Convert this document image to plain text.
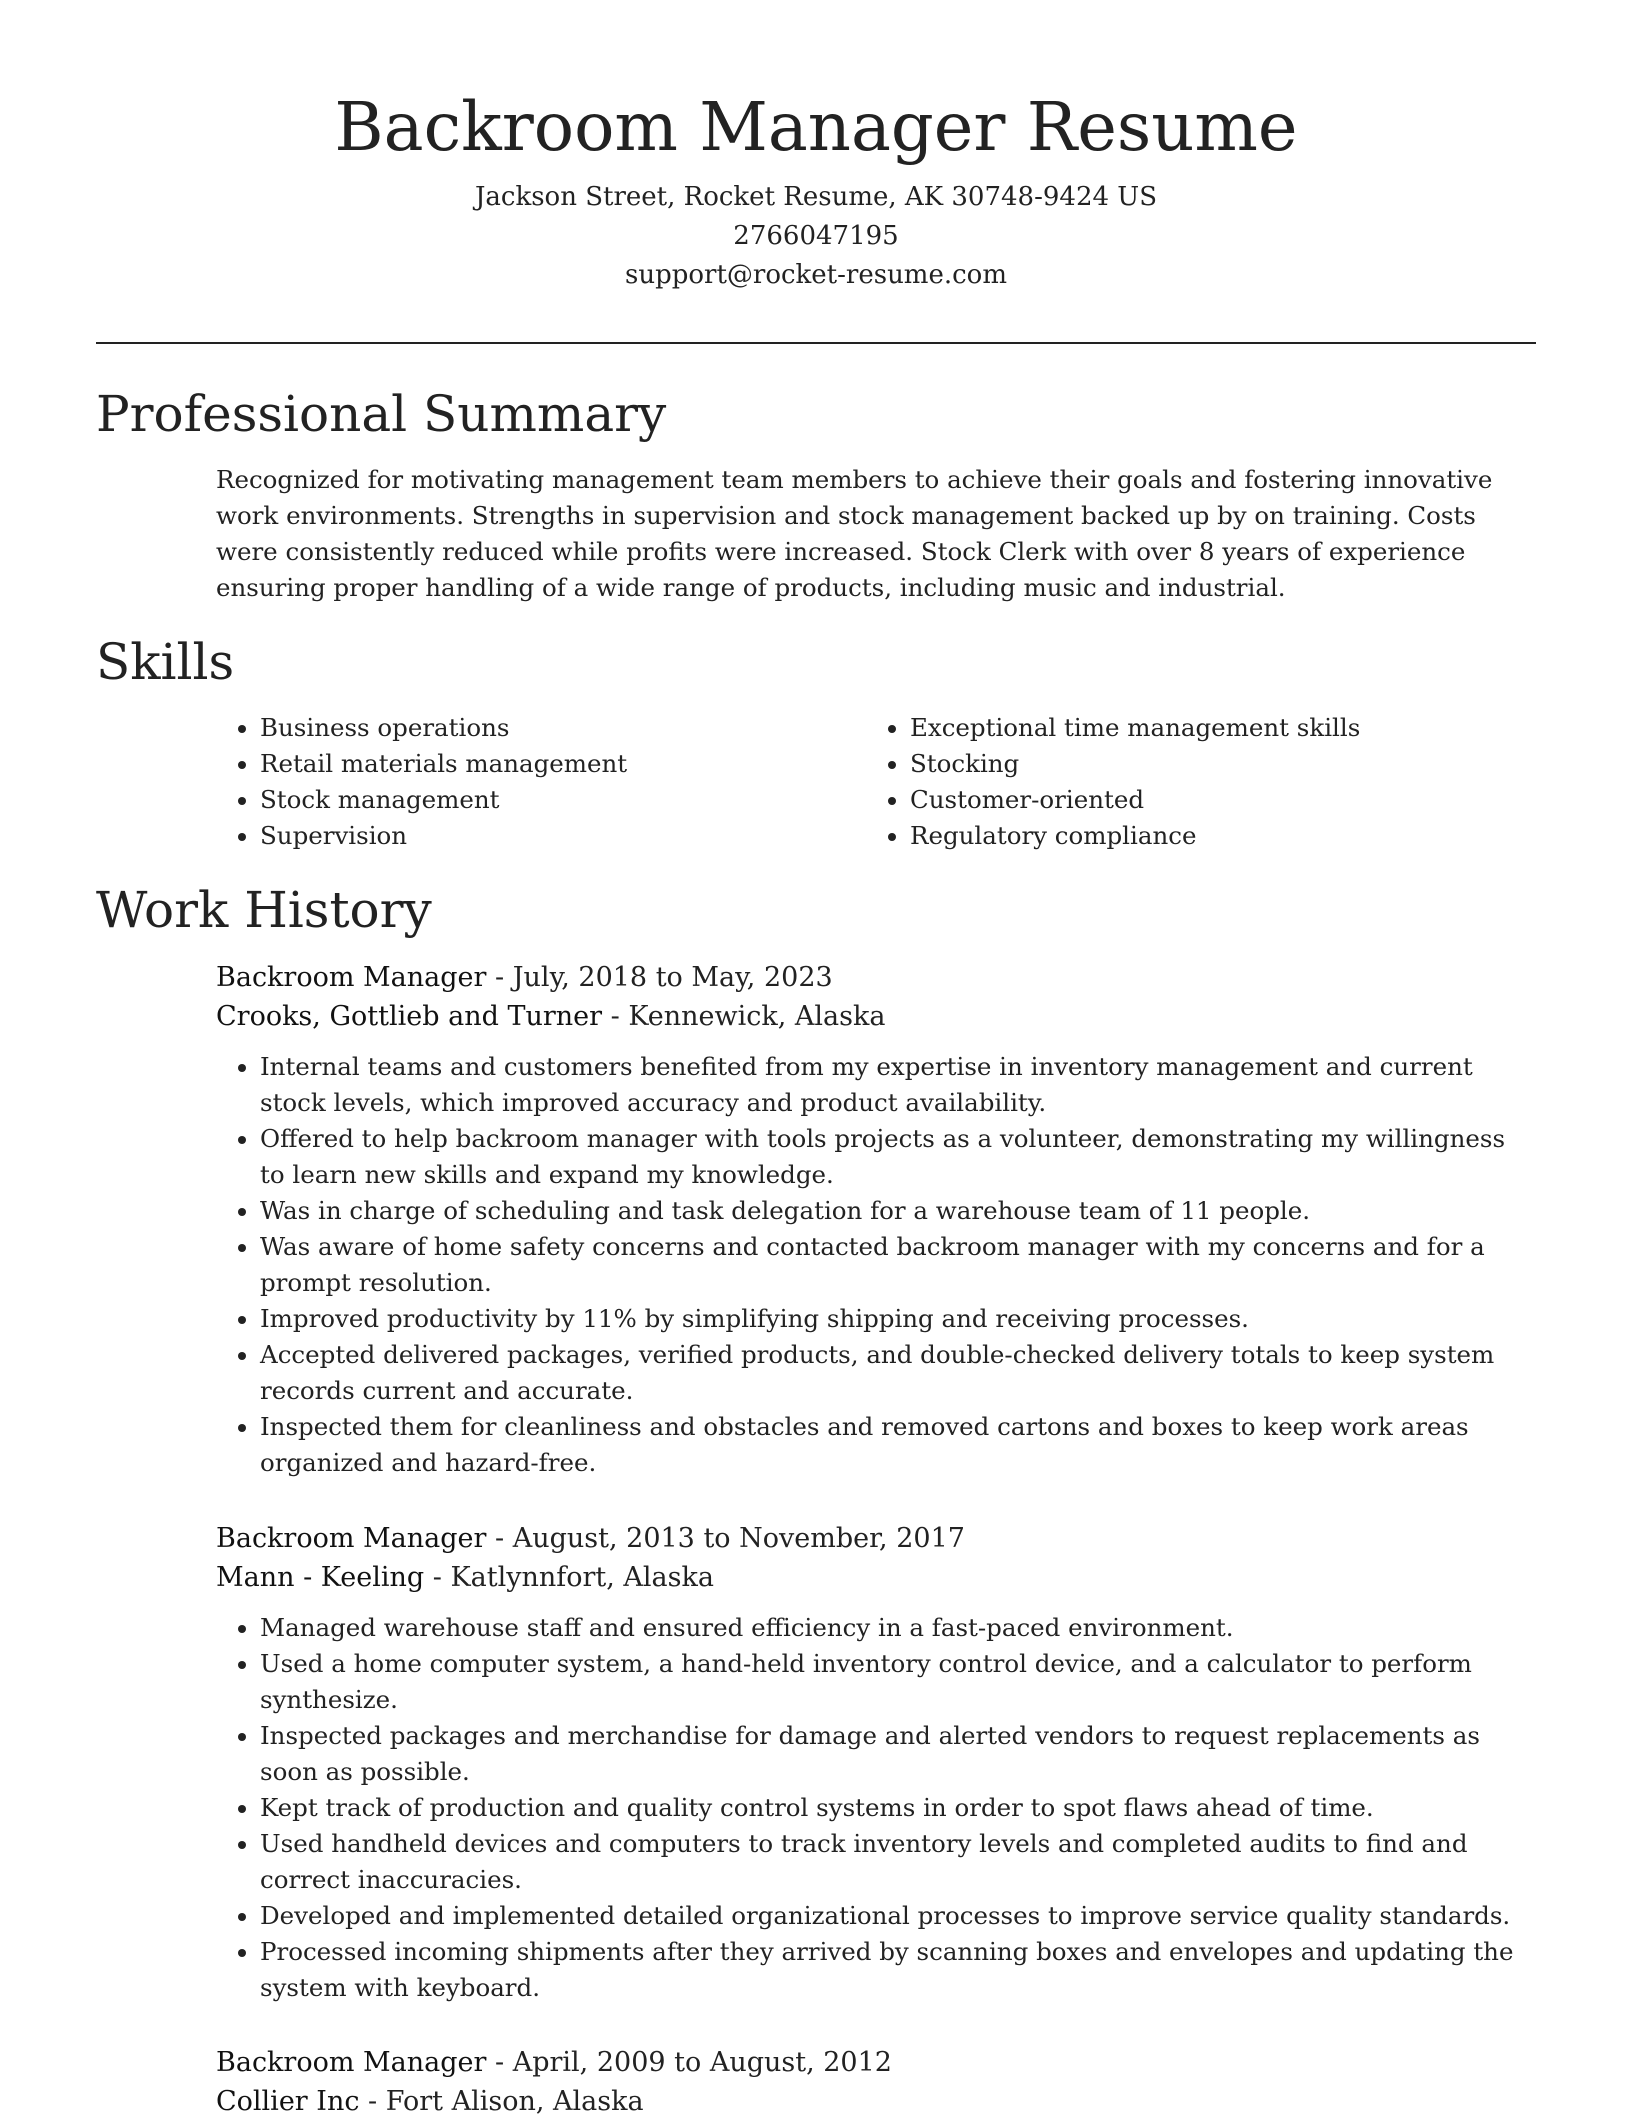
Backroom Manager Resume
Jackson Street, Rocket Resume, AK 30748-9424 US
2766047195
support@rocket-resume.com
Professional Summary

Recognized for motivating management team members to achieve their goals and fostering innovative work environments. Strengths in supervision and stock management backed up by on training. Costs were consistently reduced while profits were increased. Stock Clerk with over 8 years of experience ensuring proper handling of a wide range of products, including music and industrial.

Skills
• Business operations
• Retail materials management
• Stock management
• Supervision
• Exceptional time management skills
• Stocking
• Customer-oriented
• Regulatory compliance
Work History
Backroom Manager - July, 2018 to May, 2023
Crooks, Gottlieb and Turner - Kennewick, Alaska
• Internal teams and customers benefited from my expertise in inventory management and current stock levels, which improved accuracy and product availability.
• Offered to help backroom manager with tools projects as a volunteer, demonstrating my willingness to learn new skills and expand my knowledge.
• Was in charge of scheduling and task delegation for a warehouse team of 11 people.
• Was aware of home safety concerns and contacted backroom manager with my concerns and for a prompt resolution.
• Improved productivity by 11% by simplifying shipping and receiving processes.
• Accepted delivered packages, verified products, and double-checked delivery totals to keep system records current and accurate.
• Inspected them for cleanliness and obstacles and removed cartons and boxes to keep work areas organized and hazard-free.
Backroom Manager - August, 2013 to November, 2017
Mann - Keeling - Katlynnfort, Alaska
• Managed warehouse staff and ensured efficiency in a fast-paced environment.
• Used a home computer system, a hand-held inventory control device, and a calculator to perform synthesize.
• Inspected packages and merchandise for damage and alerted vendors to request replacements as soon as possible.
• Kept track of production and quality control systems in order to spot flaws ahead of time.
• Used handheld devices and computers to track inventory levels and completed audits to find and correct inaccuracies.
• Developed and implemented detailed organizational processes to improve service quality standards.
• Processed incoming shipments after they arrived by scanning boxes and envelopes and updating the system with keyboard.
Backroom Manager - April, 2009 to August, 2012
Collier Inc - Fort Alison, Alaska
